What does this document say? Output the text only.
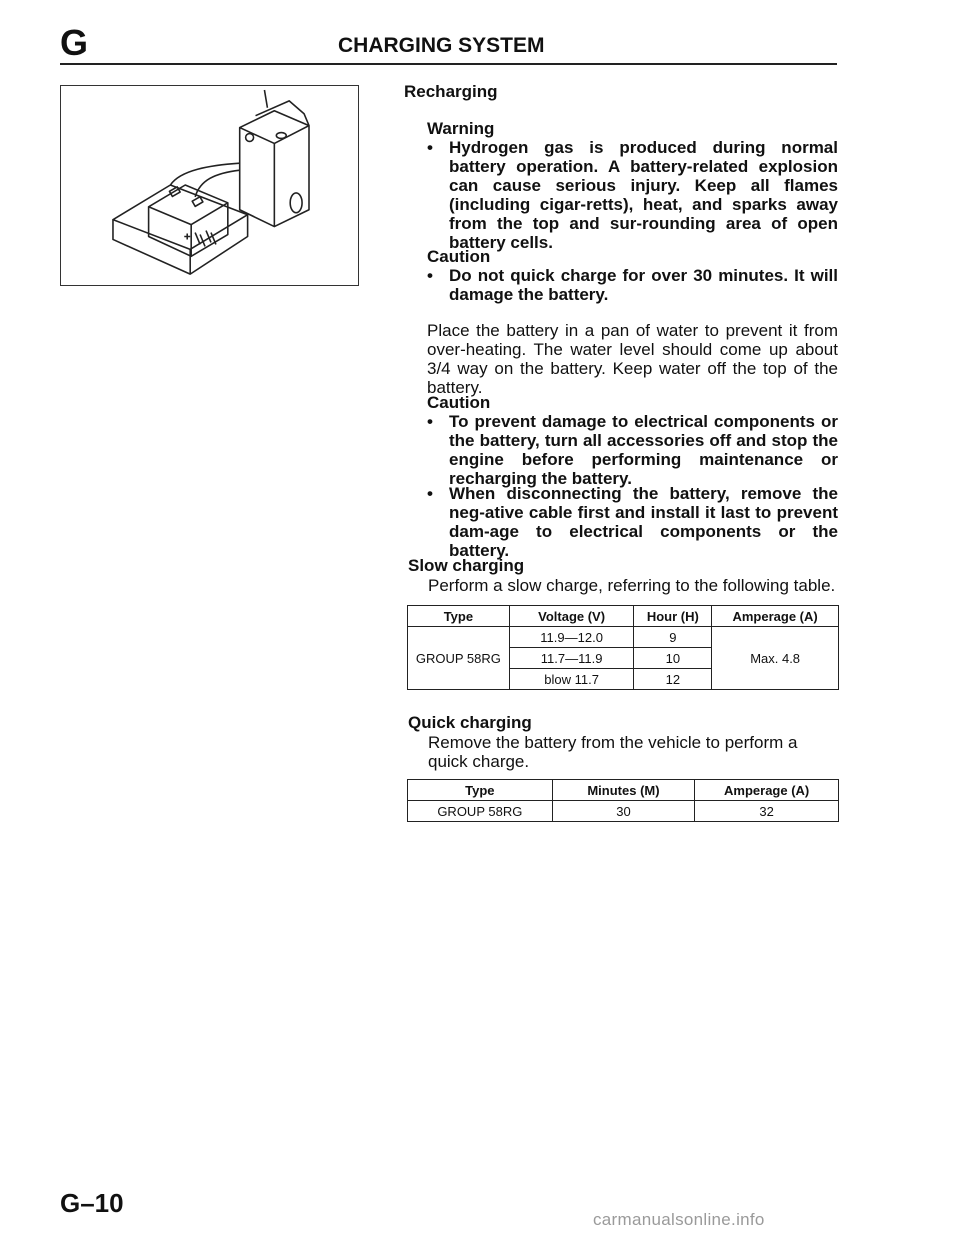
G	CHARGING SYSTEM
Recharging
Warning
• Hydrogen gas is produced during normal battery operation. A battery-related explosion can cause serious injury. Keep all flames (including cigar-retts), heat, and sparks away from the top and sur-rounding area of open battery cells.
Caution
• Do not quick charge for over 30 minutes. It will damage the battery.
Place the battery in a pan of water to prevent it from over-heating. The water level should come up about 3/4 way on the battery. Keep water off the top of the battery.
Caution
• To prevent damage to electrical components or the battery, turn all accessories off and stop the engine before performing maintenance or recharging the battery.
• When disconnecting the battery, remove the neg-ative cable first and install it last to prevent dam-age to electrical components or the battery.
Slow charging
Perform a slow charge, referring to the following table.
Type	Voltage (V)	Hour (H)	Amperage (A)
GROUP 58RG	11.9—12.0	9	Max. 4.8
	11.7—11.9	10	
	blow 11.7	12	
Quick charging
Remove the battery from the vehicle to perform a quick charge.
Type	Minutes (M)	Amperage (A)
GROUP 58RG	30	32
G–10
carmanualsonline.info
